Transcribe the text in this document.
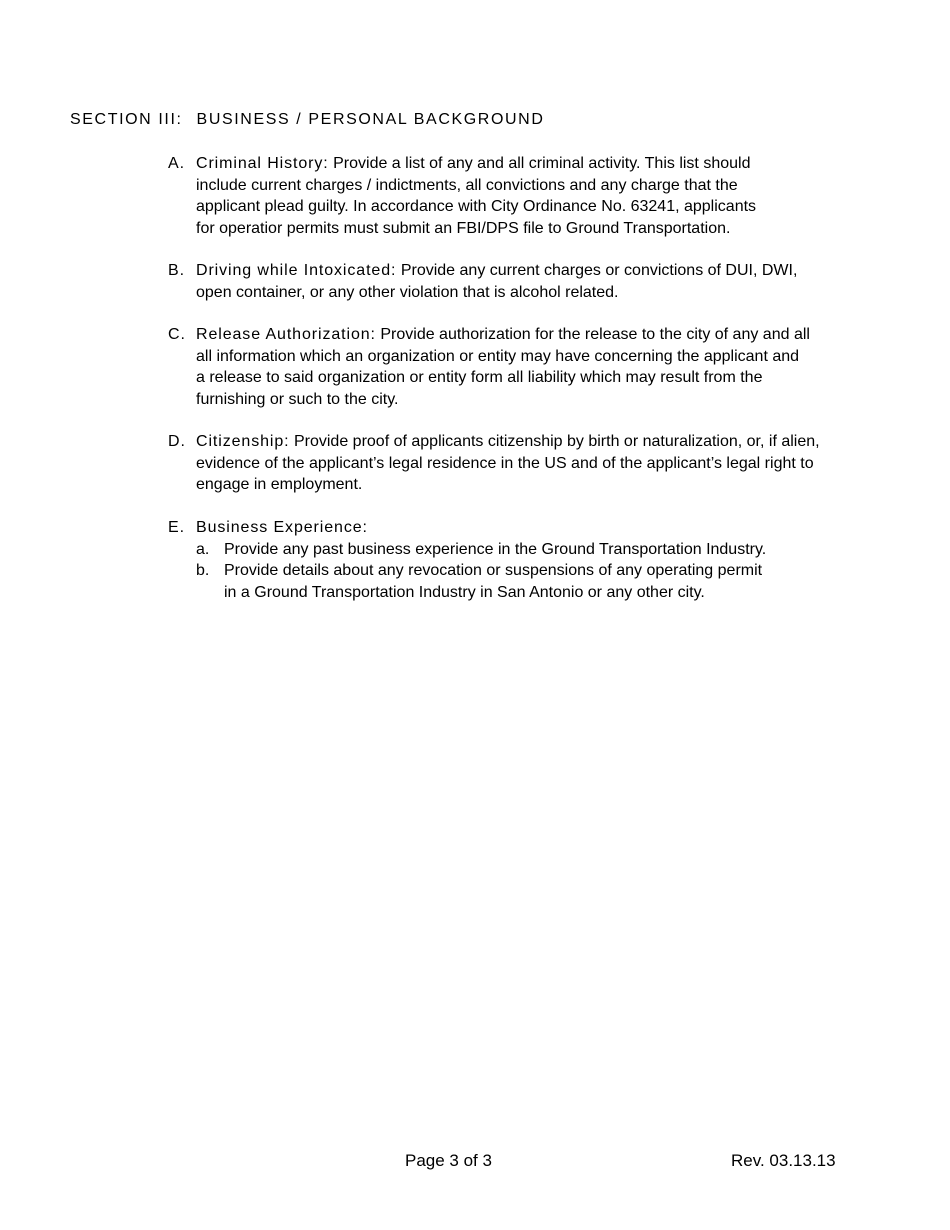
SECTION III: BUSINESS / PERSONAL BACKGROUND
A. Criminal History: Provide a list of any and all criminal activity. This list should
include current charges / indictments, all convictions and any charge that the
applicant plead guilty. In accordance with City Ordinance No. 63241, applicants
for operatior permits must submit an FBI/DPS file to Ground Transportation.
B. Driving while Intoxicated: Provide any current charges or convictions of DUI, DWI,
open container, or any other violation that is alcohol related.
C. Release Authorization: Provide authorization for the release to the city of any and all
all information which an organization or entity may have concerning the applicant and
a release to said organization or entity form all liability which may result from the
furnishing or such to the city.
D. Citizenship: Provide proof of applicants citizenship by birth or naturalization, or, if alien,
evidence of the applicant’s legal residence in the US and of the applicant’s legal right to
engage in employment.
E. Business Experience:
a. Provide any past business experience in the Ground Transportation Industry.
b. Provide details about any revocation or suspensions of any operating permit
in a Ground Transportation Industry in San Antonio or any other city.
Page 3 of 3	Rev. 03.13.13
